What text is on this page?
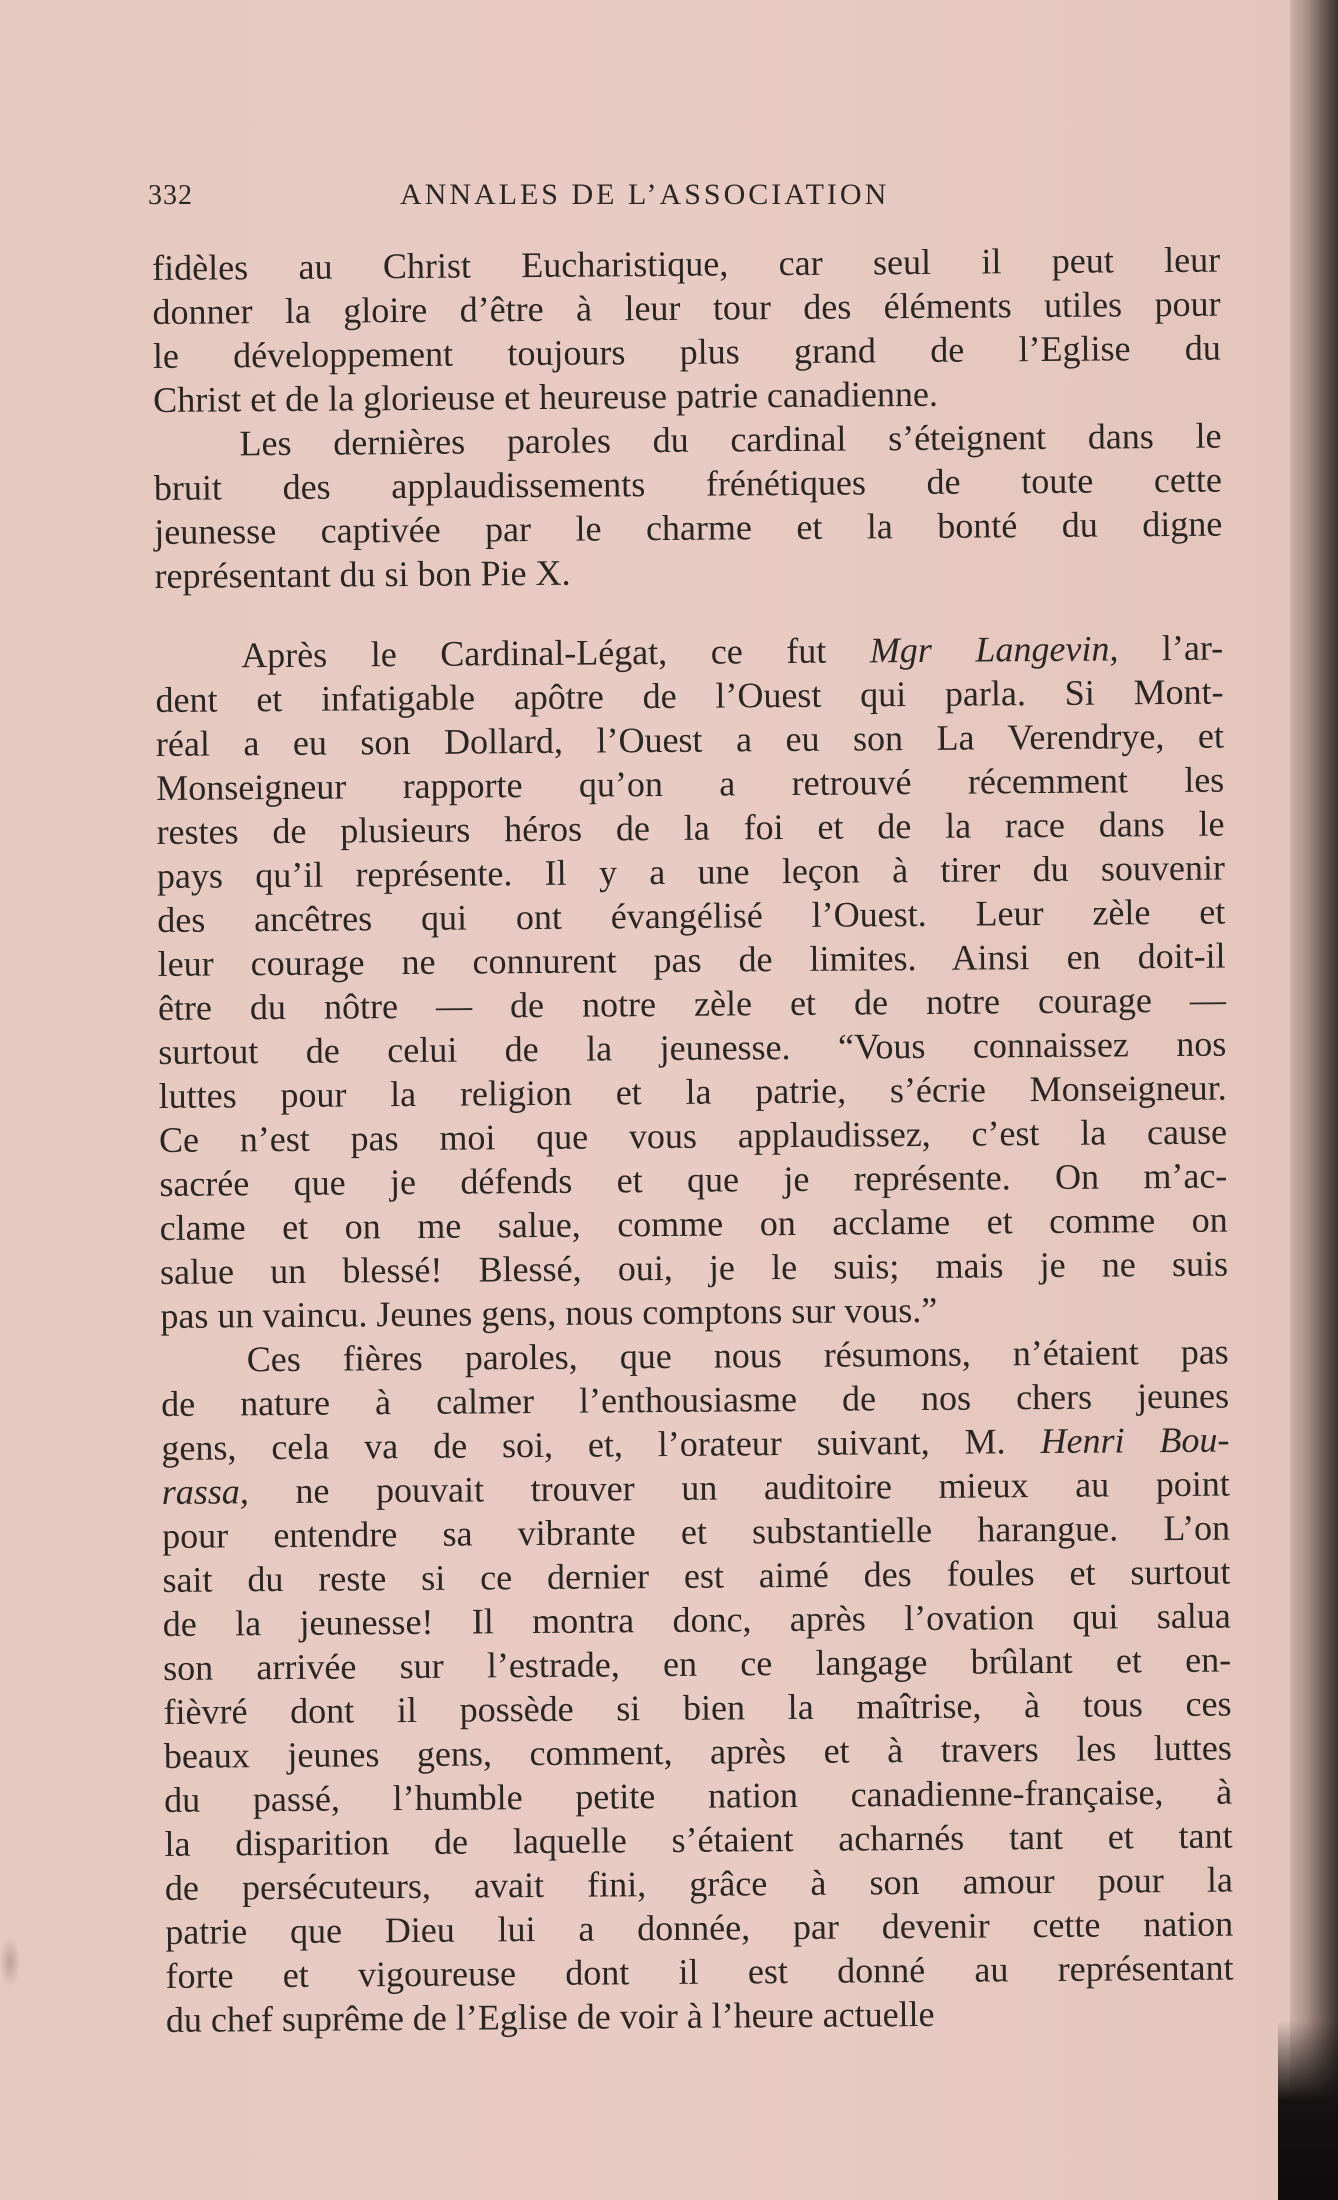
332	ANNALES DE L’ASSOCIATION
fidèles au Christ Eucharistique, car seul il peut leur
donner la gloire d’être à leur tour des éléments utiles pour
le développement toujours plus grand de l’Eglise du
Christ et de la glorieuse et heureuse patrie canadienne.
Les dernières paroles du cardinal s’éteignent dans le
bruit des applaudissements frénétiques de toute cette
jeunesse captivée par le charme et la bonté du digne
représentant du si bon Pie X.
Après le Cardinal-Légat, ce fut Mgr Langevin, l’ar-
dent et infatigable apôtre de l’Ouest qui parla. Si Mont-
réal a eu son Dollard, l’Ouest a eu son La Verendrye, et
Monseigneur rapporte qu’on a retrouvé récemment les
restes de plusieurs héros de la foi et de la race dans le
pays qu’il représente. Il y a une leçon à tirer du souvenir
des ancêtres qui ont évangélisé l’Ouest. Leur zèle et
leur courage ne connurent pas de limites. Ainsi en doit-il
être du nôtre — de notre zèle et de notre courage —
surtout de celui de la jeunesse. “Vous connaissez nos
luttes pour la religion et la patrie, s’écrie Monseigneur.
Ce n’est pas moi que vous applaudissez, c’est la cause
sacrée que je défends et que je représente. On m’ac-
clame et on me salue, comme on acclame et comme on
salue un blessé! Blessé, oui, je le suis; mais je ne suis
pas un vaincu. Jeunes gens, nous comptons sur vous.”
Ces fières paroles, que nous résumons, n’étaient pas
de nature à calmer l’enthousiasme de nos chers jeunes
gens, cela va de soi, et, l’orateur suivant, M. Henri Bou-
rassa, ne pouvait trouver un auditoire mieux au point
pour entendre sa vibrante et substantielle harangue. L’on
sait du reste si ce dernier est aimé des foules et surtout
de la jeunesse! Il montra donc, après l’ovation qui salua
son arrivée sur l’estrade, en ce langage brûlant et en-
fièvré dont il possède si bien la maîtrise, à tous ces
beaux jeunes gens, comment, après et à travers les luttes
du passé, l’humble petite nation canadienne-française, à
la disparition de laquelle s’étaient acharnés tant et tant
de persécuteurs, avait fini, grâce à son amour pour la
patrie que Dieu lui a donnée, par devenir cette nation
forte et vigoureuse dont il est donné au représentant
du chef suprême de l’Eglise de voir à l’heure actuelle
